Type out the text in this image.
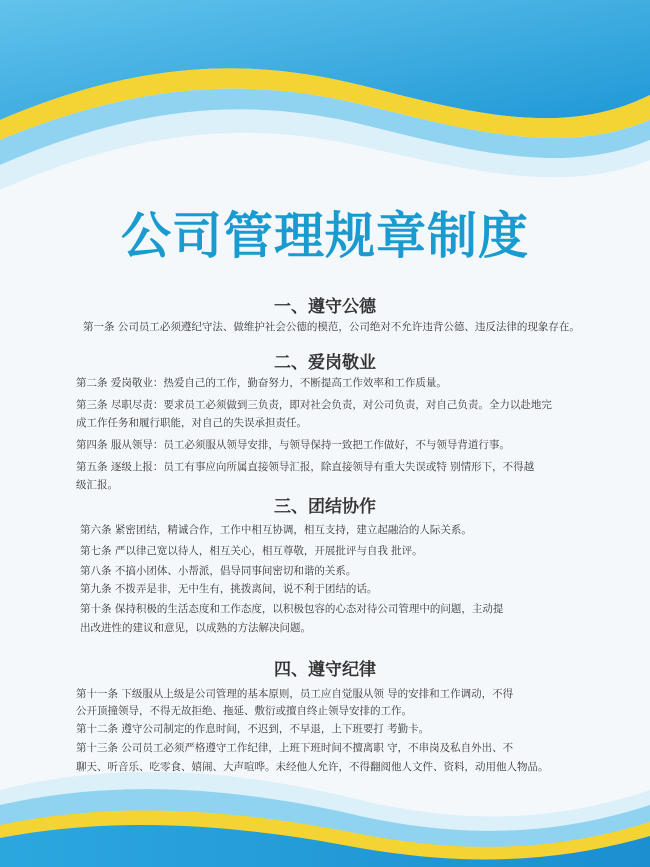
公司管理规章制度
一、遵守公德

第一条 公司员工必须遵纪守法、做维护社会公德的模范，公司绝对不允许违背公德、违反法律的现象存在。

二、爱岗敬业

第二条 爱岗敬业：热爱自己的工作，勤奋努力，不断提高工作效率和工作质量。

第三条 尽职尽责：要求员工必须做到三负责，即对社会负责，对公司负责，对自己负责。全力以赴地完

成工作任务和履行职能，对自己的失误承担责任。

第四条 服从领导：员工必须服从领导安排，与领导保持一致把工作做好，不与领导背道行事。

第五条 逐级上报：员工有事应向所属直接领导汇报，除直接领导有重大失误或特 别情形下，不得越

级汇报。

三、团结协作

第六条 紧密团结，精诚合作，工作中相互协调，相互支持，建立起融洽的人际关系。

第七条 严以律己宽以待人，相互关心，相互尊敬，开展批评与自我 批评。

第八条 不搞小团体、小帮派，倡导同事间密切和谐的关系。

第九条 不拨弄是非，无中生有，挑拨离间，说不利于团结的话。

第十条 保持积极的生活态度和工作态度，以积极包容的心态对待公司管理中的问题，主动提

出改进性的建议和意见，以成熟的方法解决问题。

四、遵守纪律

第十一条 下级服从上级是公司管理的基本原则，员工应自觉服从领 导的安排和工作调动，不得

公开顶撞领导，不得无故拒绝、拖延、敷衍或擅自终止领导安排的工作。

第十二条 遵守公司制定的作息时间，不迟到，不早退，上下班要打 考勤卡。

第十三条 公司员工必须严格遵守工作纪律，上班下班时间不擅离职 守，不串岗及私自外出、不

聊天、听音乐、吃零食、嬉闹、大声喧哗。未经他人允许，不得翻阅他人文件、资料，动用他人物品。
